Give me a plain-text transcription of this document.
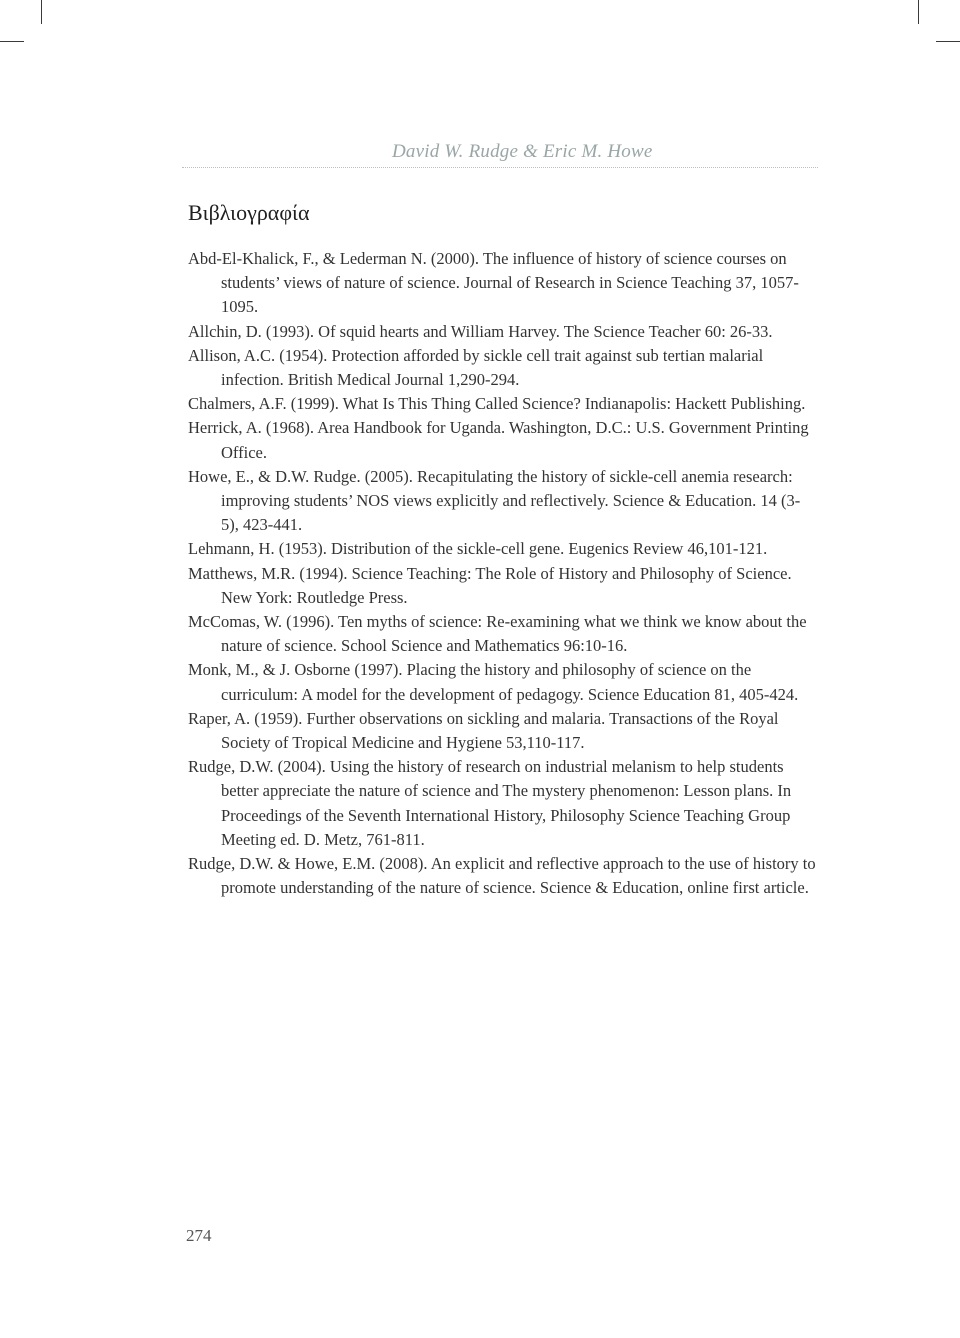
David W. Rudge & Eric M. Howe
Βιβλιογραφία
Abd-El-Khalick, F., & Lederman N. (2000). The influence of history of science courses on students’ views of nature of science. Journal of Research in Science Teaching 37, 1057-1095.
Allchin, D. (1993). Of squid hearts and William Harvey. The Science Teacher 60: 26-33.
Allison, A.C. (1954). Protection afforded by sickle cell trait against sub tertian malarial infection. British Medical Journal 1,290-294.
Chalmers, A.F. (1999). What Is This Thing Called Science? Indianapolis: Hackett Publishing.
Herrick, A. (1968). Area Handbook for Uganda. Washington, D.C.: U.S. Government Printing Office.
Howe, E., & D.W. Rudge. (2005). Recapitulating the history of sickle-cell anemia research: improving students’ NOS views explicitly and reflectively. Science & Education. 14 (3-5), 423-441.
Lehmann, H. (1953). Distribution of the sickle-cell gene. Eugenics Review 46,101-121.
Matthews, M.R. (1994). Science Teaching: The Role of History and Philosophy of Science. New York: Routledge Press.
McComas, W. (1996). Ten myths of science: Re-examining what we think we know about the nature of science. School Science and Mathematics 96:10-16.
Monk, M., & J. Osborne (1997). Placing the history and philosophy of science on the curriculum: A model for the development of pedagogy. Science Education 81, 405-424.
Raper, A. (1959). Further observations on sickling and malaria. Transactions of the Royal Society of Tropical Medicine and Hygiene 53,110-117.
Rudge, D.W. (2004). Using the history of research on industrial melanism to help students better appreciate the nature of science and The mystery phenomenon: Lesson plans. In Proceedings of the Seventh International History, Philosophy Science Teaching Group Meeting ed. D. Metz, 761-811.
Rudge, D.W. & Howe, E.M. (2008). An explicit and reflective approach to the use of history to promote understanding of the nature of science. Science & Education, online first article.
274
